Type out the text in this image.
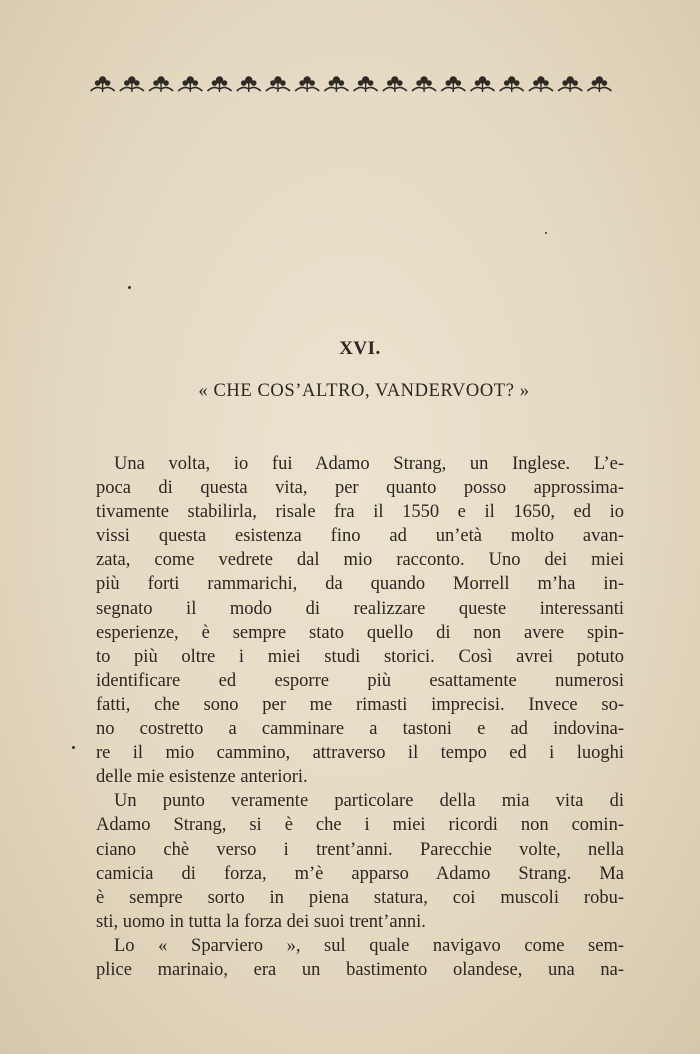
XVI.
« CHE COS’ALTRO, VANDERVOOT? »
Una volta, io fui Adamo Strang, un Inglese. L’e-
poca di questa vita, per quanto posso approssima-
tivamente stabilirla, risale fra il 1550 e il 1650, ed io
vissi questa esistenza fino ad un’età molto avan-
zata, come vedrete dal mio racconto. Uno dei miei
più forti rammarichi, da quando Morrell m’ha in-
segnato il modo di realizzare queste interessanti
esperienze, è sempre stato quello di non avere spin-
to più oltre i miei studi storici. Così avrei potuto
identificare ed esporre più esattamente numerosi
fatti, che sono per me rimasti imprecisi. Invece so-
no costretto a camminare a tastoni e ad indovina-
re il mio cammino, attraverso il tempo ed i luoghi
delle mie esistenze anteriori.
Un punto veramente particolare della mia vita di
Adamo Strang, si è che i miei ricordi non comin-
ciano chè verso i trent’anni. Parecchie volte, nella
camicia di forza, m’è apparso Adamo Strang. Ma
è sempre sorto in piena statura, coi muscoli robu-
sti, uomo in tutta la forza dei suoi trent’anni.
Lo « Sparviero », sul quale navigavo come sem-
plice marinaio, era un bastimento olandese, una na-
